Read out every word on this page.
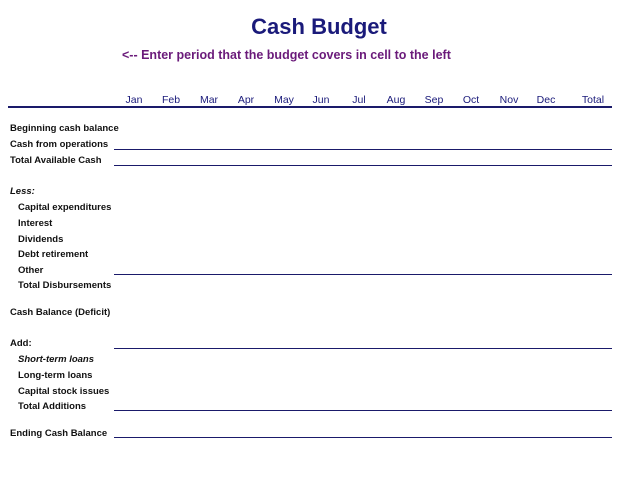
Cash Budget
<-- Enter period that the budget covers in cell to the left
Jan	Feb	Mar	Apr	May	Jun	Jul	Aug	Sep	Oct	Nov	Dec	Total
Beginning cash balance
Cash from operations
Total Available Cash
Less:
Capital expenditures
Interest
Dividends
Debt retirement
Other
Total Disbursements
Cash Balance (Deficit)
Add:
Short-term loans
Long-term loans
Capital stock issues
Total Additions
Ending Cash Balance
